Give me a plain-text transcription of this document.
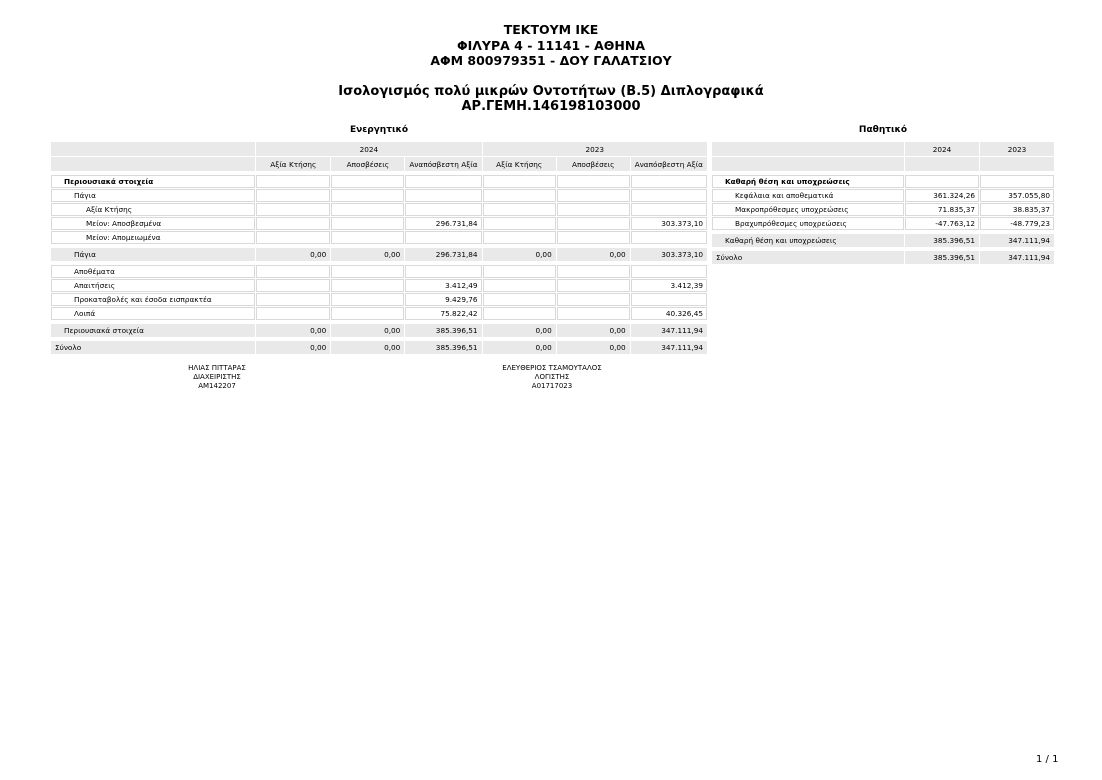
ΤΕΚΤΟΥΜ ΙΚΕ
ΦΙΛΥΡΑ 4 - 11141 - ΑΘΗΝΑ
ΑΦΜ 800979351 - ΔΟΥ ΓΑΛΑΤΣΙΟΥ
Ισολογισμός πολύ μικρών Οντοτήτων (Β.5) Διπλογραφικά
ΑΡ.ΓΕΜΗ.146198103000
Ενεργητικό	Παθητικό
	2024			2023		
	Αξία Κτήσης	Αποσβέσεις	Αναπόσβεστη Αξία	Αξία Κτήσης	Αποσβέσεις	Αναπόσβεστη Αξία

Περιουσιακά στοιχεία						
Πάγια						
Αξία Κτήσης						
Μείον: Αποσβεσμένα			296.731,84			303.373,10
Μείον: Απομειωμένα						

Πάγια	0,00	0,00	296.731,84	0,00	0,00	303.373,10

Αποθέματα						
Απαιτήσεις			3.412,49			3.412,39
Προκαταβολές και έσοδα εισπρακτέα			9.429,76			
Λοιπά			75.822,42			40.326,45

Περιουσιακά στοιχεία	0,00	0,00	385.396,51	0,00	0,00	347.111,94

Σύνολο	0,00	0,00	385.396,51	0,00	0,00	347.111,94
	2024	2023

Καθαρή θέση και υποχρεώσεις		
Κεφάλαια και αποθεματικά	361.324,26	357.055,80
Μακροπρόθεσμες υποχρεώσεις	71.835,37	38.835,37
Βραχυπρόθεσμες υποχρεώσεις	-47.763,12	-48.779,23

Καθαρή θέση και υποχρεώσεις	385.396,51	347.111,94

Σύνολο	385.396,51	347.111,94
ΗΛΙΑΣ ΠΙΤΤΑΡΑΣ
ΔΙΑΧΕΙΡΙΣΤΗΣ
ΑΜ142207
ΕΛΕΥΘΕΡΙΟΣ ΤΣΑΜΟΥΤΑΛΟΣ
ΛΟΓΙΣΤΗΣ
Α01717023
1 / 1
